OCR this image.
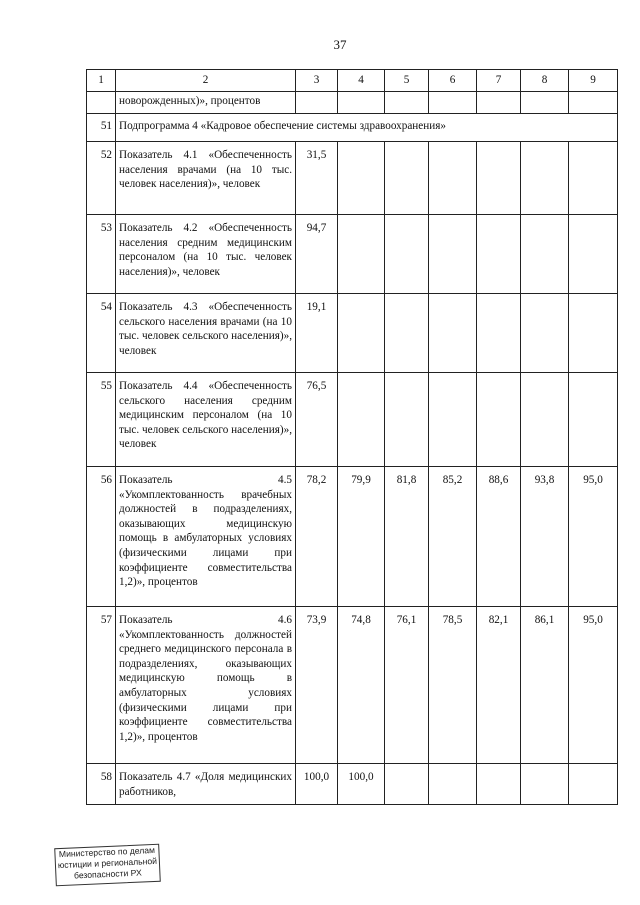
37
1	2	3	4	5	6	7	8	9
	новорожденных)», процентов							
51	Подпрограмма 4 «Кадровое обеспечение системы здравоохранения»							
52	Показатель 4.1 «Обеспеченность населения врачами (на 10 тыс. человек населения)», человек	31,5						
53	Показатель 4.2 «Обеспеченность населения средним медицинским персоналом (на 10 тыс. человек населения)», человек	94,7						
54	Показатель 4.3 «Обеспеченность сельского населения врачами (на 10 тыс. человек сельского населения)», человек	19,1						
55	Показатель 4.4 «Обеспеченность сельского населения средним медицинским персоналом (на 10 тыс. человек сельского населения)», человек	76,5						
56	Показатель 4.5 «Укомплектованность врачебных должностей в подразделениях, оказывающих медицинскую помощь в амбулаторных условиях (физическими лицами при коэффициенте совместительства 1,2)», процентов	78,2	79,9	81,8	85,2	88,6	93,8	95,0
57	Показатель 4.6 «Укомплектованность должностей среднего медицинского персонала в подразделениях, оказывающих медицинскую помощь в амбулаторных условиях (физическими лицами при коэффициенте совместительства 1,2)», процентов	73,9	74,8	76,1	78,5	82,1	86,1	95,0
58	Показатель 4.7 «Доля медицинских работников,	100,0	100,0					
Министерство по делам
юстиции и региональной
безопасности РХ
